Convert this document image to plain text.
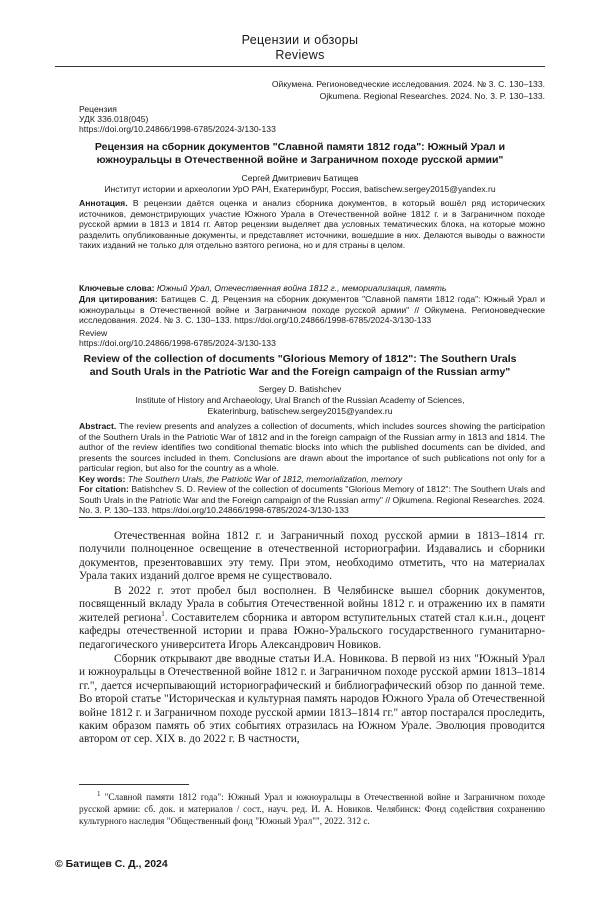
Рецензии и обзоры
Reviews
Ойкумена. Регионоведческие исследования. 2024. № 3. С. 130–133.
Ojkumena. Regional Researches. 2024. No. 3. P. 130–133.
Рецензия
УДК 336.018(045)
https://doi.org/10.24866/1998-6785/2024-3/130-133
Рецензия на сборник документов "Славной памяти 1812 года": Южный Урал и
южноуральцы в Отечественной войне и Заграничном походе русской армии"
Сергей Дмитриевич Батищев
Институт истории и археологии УрО РАН, Екатеринбург, Россия, batischew.sergey2015@yandex.ru

Аннотация. В рецензии даётся оценка и анализ сборника документов, в который вошёл ряд исторических источников, демонстрирующих участие Южного Урала в Отечественной войне 1812 г. и в Заграничном походе русской армии в 1813 и 1814 гг. Автор рецензии выделяет два условных тематических блока, на которые можно разделить опубликованные документы, и представляет источники, вошедшие в них. Делаются выводы о важности таких изданий не только для отдельно взятого региона, но и для страны в целом.

Ключевые слова: Южный Урал, Отечественная война 1812 г., мемориализация, память

Для цитирования: Батищев С. Д. Рецензия на сборник документов "Славной памяти 1812 года": Южный Урал и южноуральцы в Отечественной войне и Заграничном походе русской армии" // Ойкумена. Регионоведческие исследования. 2024. № 3. С. 130–133. https://doi.org/10.24866/1998-6785/2024-3/130-133

Review
https://doi.org/10.24866/1998-6785/2024-3/130-133
Review of the collection of documents "Glorious Memory of 1812": The Southern Urals
and South Urals in the Patriotic War and the Foreign campaign of the Russian army"
Sergey D. Batishchev
Institute of History and Archaeology, Ural Branch of the Russian Academy of Sciences,
Ekaterinburg, batischew.sergey2015@yandex.ru

Abstract. The review presents and analyzes a collection of documents, which includes sources showing the participation of the Southern Urals in the Patriotic War of 1812 and in the foreign campaign of the Russian army in 1813 and 1814. The author of the review identifies two conditional thematic blocks into which the published documents can be divided, and presents the sources included in them. Conclusions are drawn about the importance of such publications not only for a particular region, but also for the country as a whole.

Key words: The Southern Urals, the Patriotic War of 1812, memorialization, memory

For citation: Batishchev S. D. Review of the collection of documents "Glorious Memory of 1812": The Southern Urals and South Urals in the Patriotic War and the Foreign campaign of the Russian army" // Ojkumena. Regional Researches. 2024. No. 3. P. 130–133. https://doi.org/10.24866/1998-6785/2024-3/130-133

Отечественная война 1812 г. и Заграничный поход русской армии в 1813–1814 гг. получили полноценное освещение в отечественной историографии. Издавались и сборники документов, презентовавших эту тему. При этом, необходимо отметить, что на материалах Урала таких изданий долгое время не существовало.

В 2022 г. этот пробел был восполнен. В Челябинске вышел сборник документов, посвященный вкладу Урала в события Отечественной войны 1812 г. и отражению их в памяти жителей региона$^1$. Составителем сборника и автором вступительных статей стал к.и.н., доцент кафедры отечественной истории и права Южно-Уральского государственного гуманитарно-педагогического университета Игорь Александрович Новиков.

Сборник открывают две вводные статьи И.А. Новикова. В первой из них "Южный Урал и южноуральцы в Отечественной войне 1812 г. и Заграничном походе русской армии 1813–1814 гг.", дается исчерпывающий историографический и библиографический обзор по данной теме. Во второй статье "Историческая и культурная память народов Южного Урала об Отечественной войне 1812 г. и Заграничном походе русской армии 1813–1814 гг." автор постарался проследить, каким образом память об этих событиях отразилась на Южном Урале. Эволюция проводится автором от сер. XIX в. до 2022 г. В частности,

$^1$ "Славной памяти 1812 года": Южный Урал и южноуральцы в Отечественной войне и Заграничном походе русской армии: сб. док. и материалов / сост., науч. ред. И. А. Новиков. Челябинск: Фонд содействия сохранению культурного наследия "Общественный фонд "Южный Урал"", 2022. 312 с.

© Батищев С. Д., 2024
